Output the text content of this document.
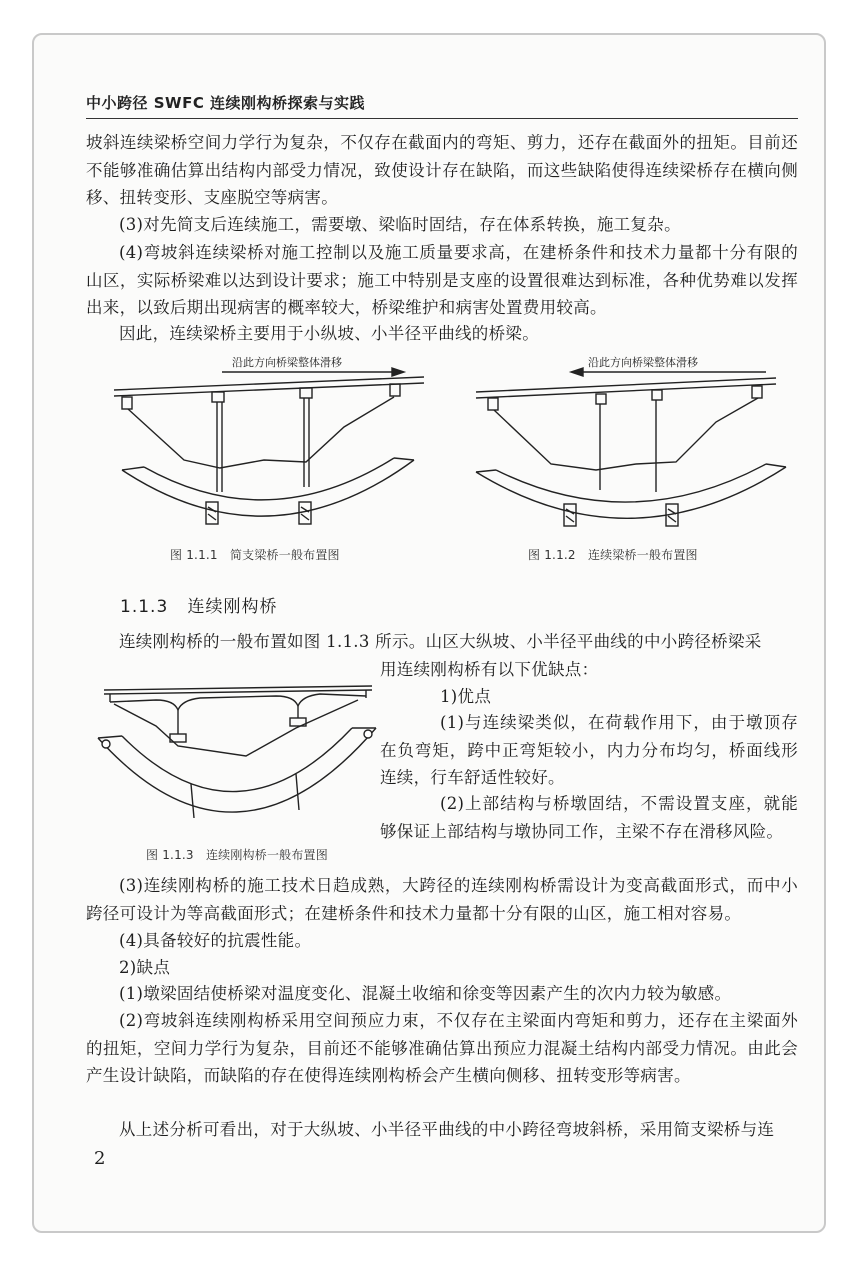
中小跨径 SWFC 连续刚构桥探索与实践

坡斜连续梁桥空间力学行为复杂，不仅存在截面内的弯矩、剪力，还存在截面外的扭矩。目前还不能够准确估算出结构内部受力情况，致使设计存在缺陷，而这些缺陷使得连续梁桥存在横向侧移、扭转变形、支座脱空等病害。

(3)对先简支后连续施工，需要墩、梁临时固结，存在体系转换，施工复杂。

(4)弯坡斜连续梁桥对施工控制以及施工质量要求高，在建桥条件和技术力量都十分有限的山区，实际桥梁难以达到设计要求；施工中特别是支座的设置很难达到标准，各种优势难以发挥出来，以致后期出现病害的概率较大，桥梁维护和病害处置费用较高。

因此，连续梁桥主要用于小纵坡、小半径平曲线的桥梁。

沿此方向桥梁整体滑移
图 1.1.1　简支梁桥一般布置图
沿此方向桥梁整体滑移
图 1.1.2　连续梁桥一般布置图
1.1.3 连续刚构桥

连续刚构桥的一般布置如图 1.1.3 所示。山区大纵坡、小半径平曲线的中小跨径桥梁采

图 1.1.3　连续刚构桥一般布置图

用连续刚构桥有以下优缺点：

1)优点

(1)与连续梁类似，在荷载作用下，由于墩顶存在负弯矩，跨中正弯矩较小，内力分布均匀，桥面线形连续，行车舒适性较好。

(2)上部结构与桥墩固结，不需设置支座，就能够保证上部结构与墩协同工作，主梁不存在滑移风险。

(3)连续刚构桥的施工技术日趋成熟，大跨径的连续刚构桥需设计为变高截面形式，而中小跨径可设计为等高截面形式；在建桥条件和技术力量都十分有限的山区，施工相对容易。

(4)具备较好的抗震性能。

2)缺点

(1)墩梁固结使桥梁对温度变化、混凝土收缩和徐变等因素产生的次内力较为敏感。

(2)弯坡斜连续刚构桥采用空间预应力束，不仅存在主梁面内弯矩和剪力，还存在主梁面外的扭矩，空间力学行为复杂，目前还不能够准确估算出预应力混凝土结构内部受力情况。由此会产生设计缺陷，而缺陷的存在使得连续刚构桥会产生横向侧移、扭转变形等病害。

从上述分析可看出，对于大纵坡、小半径平曲线的中小跨径弯坡斜桥，采用简支梁桥与连

2
